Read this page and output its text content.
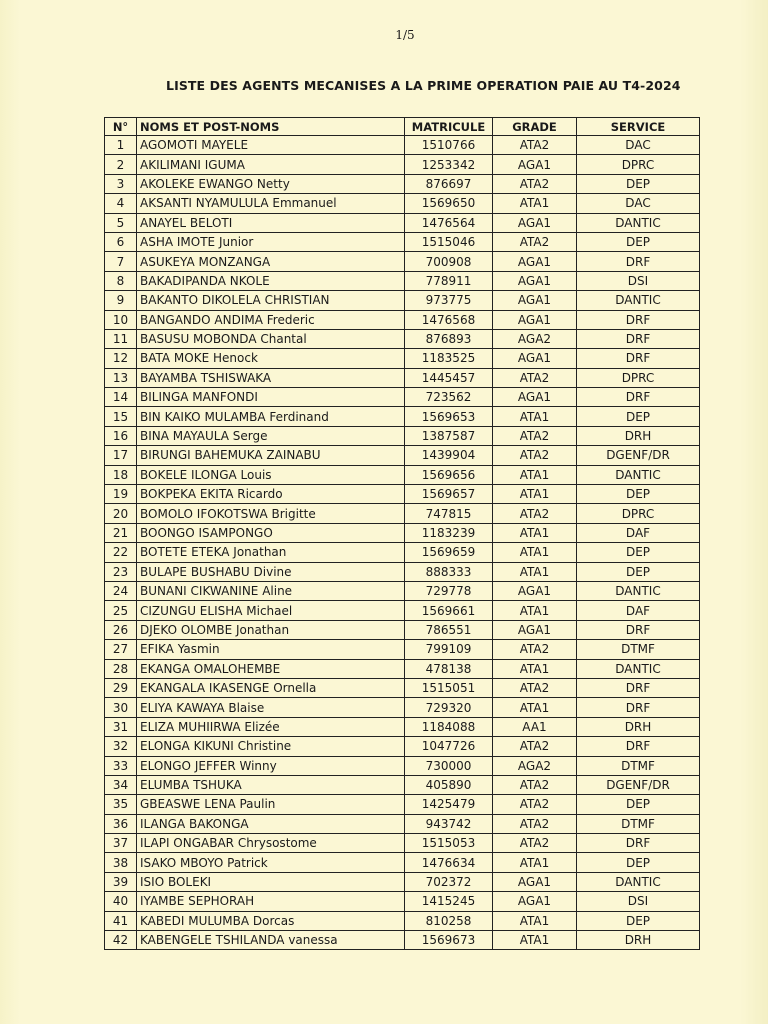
1/5
LISTE DES AGENTS MECANISES A LA PRIME OPERATION PAIE AU T4-2024
N°	NOMS ET POST-NOMS	MATRICULE	GRADE	SERVICE
1	AGOMOTI MAYELE	1510766	ATA2	DAC
2	AKILIMANI IGUMA	1253342	AGA1	DPRC
3	AKOLEKE EWANGO Netty	876697	ATA2	DEP
4	AKSANTI NYAMULULA Emmanuel	1569650	ATA1	DAC
5	ANAYEL BELOTI	1476564	AGA1	DANTIC
6	ASHA IMOTE Junior	1515046	ATA2	DEP
7	ASUKEYA MONZANGA	700908	AGA1	DRF
8	BAKADIPANDA NKOLE	778911	AGA1	DSI
9	BAKANTO DIKOLELA CHRISTIAN	973775	AGA1	DANTIC
10	BANGANDO ANDIMA Frederic	1476568	AGA1	DRF
11	BASUSU MOBONDA Chantal	876893	AGA2	DRF
12	BATA MOKE Henock	1183525	AGA1	DRF
13	BAYAMBA TSHISWAKA	1445457	ATA2	DPRC
14	BILINGA MANFONDI	723562	AGA1	DRF
15	BIN KAIKO MULAMBA Ferdinand	1569653	ATA1	DEP
16	BINA MAYAULA Serge	1387587	ATA2	DRH
17	BIRUNGI BAHEMUKA ZAINABU	1439904	ATA2	DGENF/DR
18	BOKELE ILONGA Louis	1569656	ATA1	DANTIC
19	BOKPEKA EKITA Ricardo	1569657	ATA1	DEP
20	BOMOLO IFOKOTSWA Brigitte	747815	ATA2	DPRC
21	BOONGO ISAMPONGO	1183239	ATA1	DAF
22	BOTETE ETEKA Jonathan	1569659	ATA1	DEP
23	BULAPE BUSHABU Divine	888333	ATA1	DEP
24	BUNANI CIKWANINE Aline	729778	AGA1	DANTIC
25	CIZUNGU ELISHA Michael	1569661	ATA1	DAF
26	DJEKO OLOMBE Jonathan	786551	AGA1	DRF
27	EFIKA Yasmin	799109	ATA2	DTMF
28	EKANGA OMALOHEMBE	478138	ATA1	DANTIC
29	EKANGALA IKASENGE Ornella	1515051	ATA2	DRF
30	ELIYA KAWAYA Blaise	729320	ATA1	DRF
31	ELIZA MUHIIRWA Elizée	1184088	AA1	DRH
32	ELONGA KIKUNI Christine	1047726	ATA2	DRF
33	ELONGO JEFFER Winny	730000	AGA2	DTMF
34	ELUMBA TSHUKA	405890	ATA2	DGENF/DR
35	GBEASWE LENA Paulin	1425479	ATA2	DEP
36	ILANGA BAKONGA	943742	ATA2	DTMF
37	ILAPI ONGABAR Chrysostome	1515053	ATA2	DRF
38	ISAKO MBOYO Patrick	1476634	ATA1	DEP
39	ISIO BOLEKI	702372	AGA1	DANTIC
40	IYAMBE SEPHORAH	1415245	AGA1	DSI
41	KABEDI MULUMBA Dorcas	810258	ATA1	DEP
42	KABENGELE TSHILANDA vanessa	1569673	ATA1	DRH
